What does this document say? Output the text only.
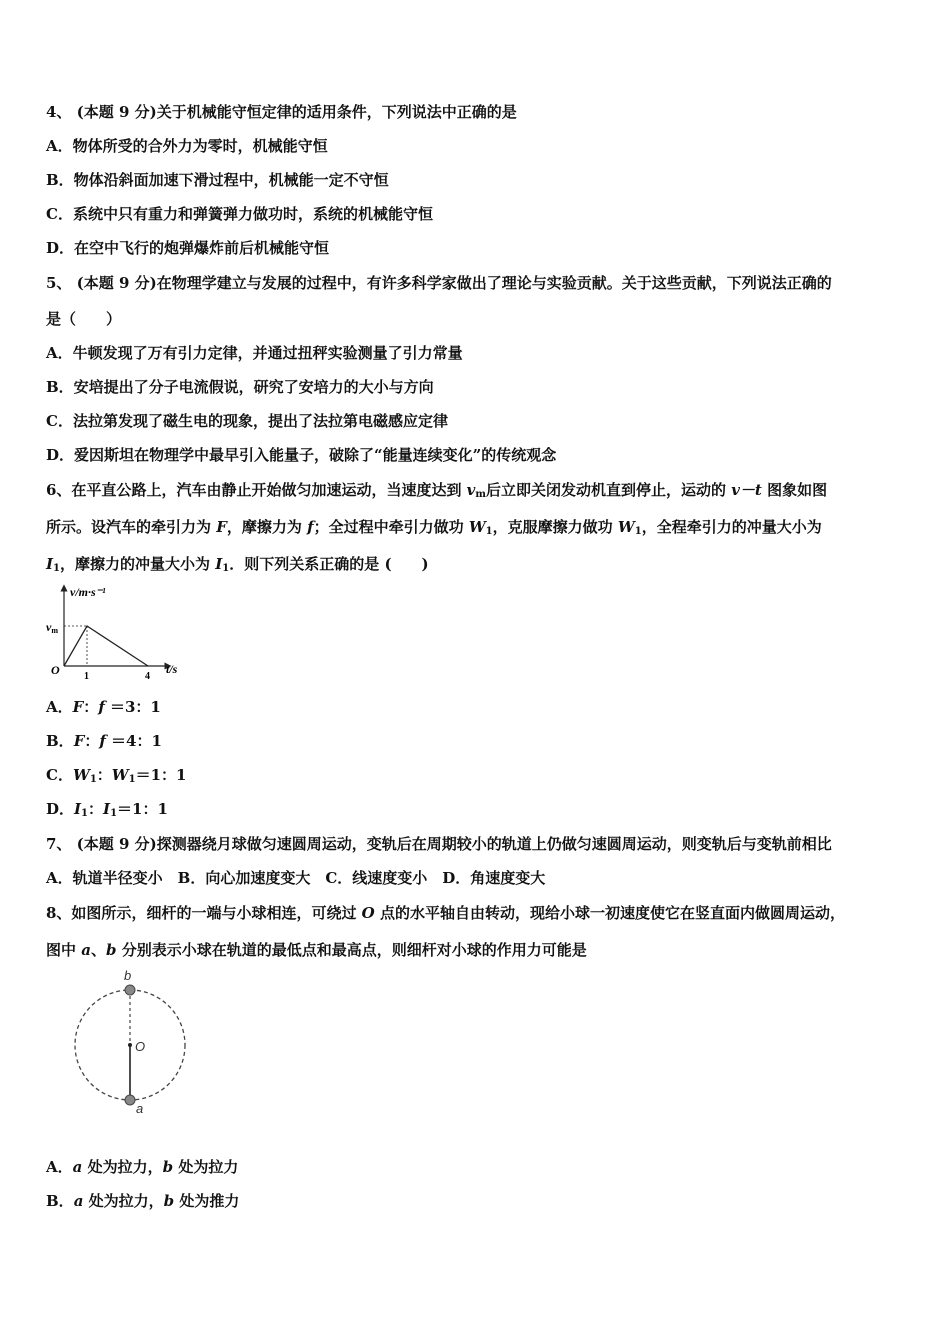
4、 (本题 9 分)关于机械能守恒定律的适用条件，下列说法中正确的是
A．物体所受的合外力为零时，机械能守恒
B．物体沿斜面加速下滑过程中，机械能一定不守恒
C．系统中只有重力和弹簧弹力做功时，系统的机械能守恒
D．在空中飞行的炮弹爆炸前后机械能守恒
5、 (本题 9 分)在物理学建立与发展的过程中，有许多科学家做出了理论与实验贡献。关于这些贡献，下列说法正确的
是（　　）
A．牛顿发现了万有引力定律，并通过扭秤实验测量了引力常量
B．安培提出了分子电流假说，研究了安培力的大小与方向
C．法拉第发现了磁生电的现象，提出了法拉第电磁感应定律
D．爱因斯坦在物理学中最早引入能量子，破除了“能量连续变化”的传统观念
6、在平直公路上，汽车由静止开始做匀加速运动，当速度达到 $v_m$后立即关闭发动机直到停止，运动的 v－t 图象如图
所示。设汽车的牵引力为 F，摩擦力为 f；全过程中牵引力做功 $W_1$，克服摩擦力做功 $W_1$，全程牵引力的冲量大小为
$I_1$，摩擦力的冲量大小为 $I_1$．则下列关系正确的是 (　　)
v/m·s⁻¹
vm
O 1	4
t/s
A．F：f ＝3：1
B．F：f ＝4：1
C．$W_1$：$W_1=1$：1
D．$I_1$：$I_1=1$：1
7、 (本题 9 分)探测器绕月球做匀速圆周运动，变轨后在周期较小的轨道上仍做匀速圆周运动，则变轨后与变轨前相比
A．轨道半径变小　B．向心加速度变大　C．线速度变小　D．角速度变大
8、如图所示，细杆的一端与小球相连，可绕过 O 点的水平轴自由转动，现给小球一初速度使它在竖直面内做圆周运动，
图中 a、b 分别表示小球在轨道的最低点和最高点，则细杆对小球的作用力可能是
b
O
a
A．a 处为拉力，b 处为拉力
B．a 处为拉力，b 处为推力
